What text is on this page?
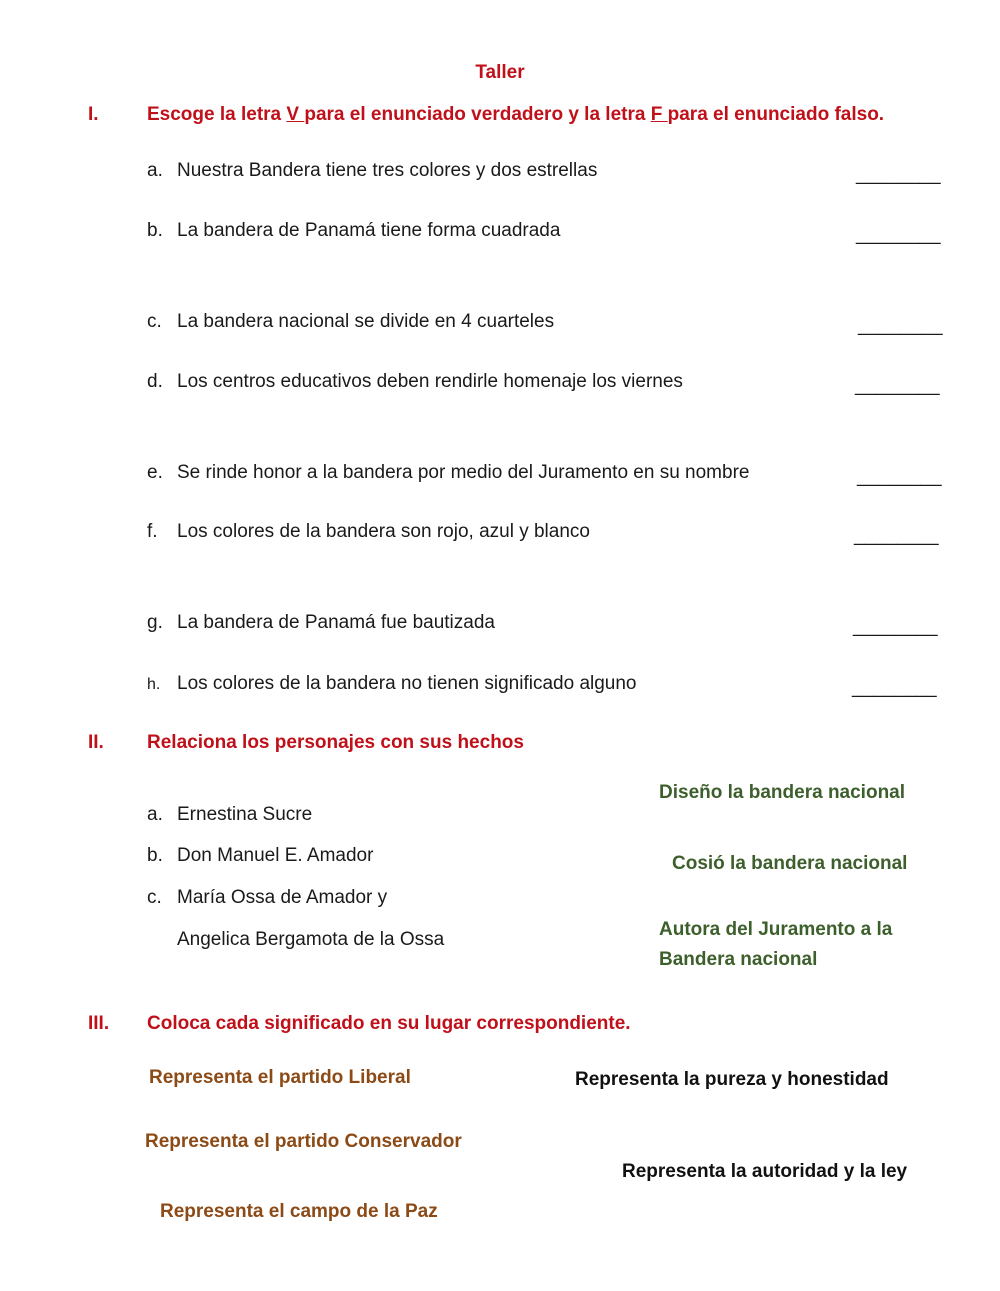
Taller
I.	Escoge la letra V para el enunciado verdadero y la letra F para el enunciado falso.
a. Nuestra Bandera tiene tres colores y dos estrellas	________
b. La bandera de Panamá tiene forma cuadrada	________
c. La bandera nacional se divide en 4 cuarteles	________
d. Los centros educativos deben rendirle homenaje los viernes	________
e. Se rinde honor a la bandera por medio del Juramento en su nombre	________
f. Los colores de la bandera son rojo, azul y blanco	________
g. La bandera de Panamá fue bautizada	________
h. Los colores de la bandera no tienen significado alguno	________
II. Relaciona los personajes con sus hechos
a. Ernestina Sucre
b. Don Manuel E. Amador
c. María Ossa de Amador y
Angelica Bergamota de la Ossa
Diseño la bandera nacional
Cosió la bandera nacional
Autora del Juramento a la
Bandera nacional
III. Coloca cada significado en su lugar correspondiente.
Representa el partido Liberal
Representa el partido Conservador
Representa el campo de la Paz
Representa la pureza y honestidad
Representa la autoridad y la ley
